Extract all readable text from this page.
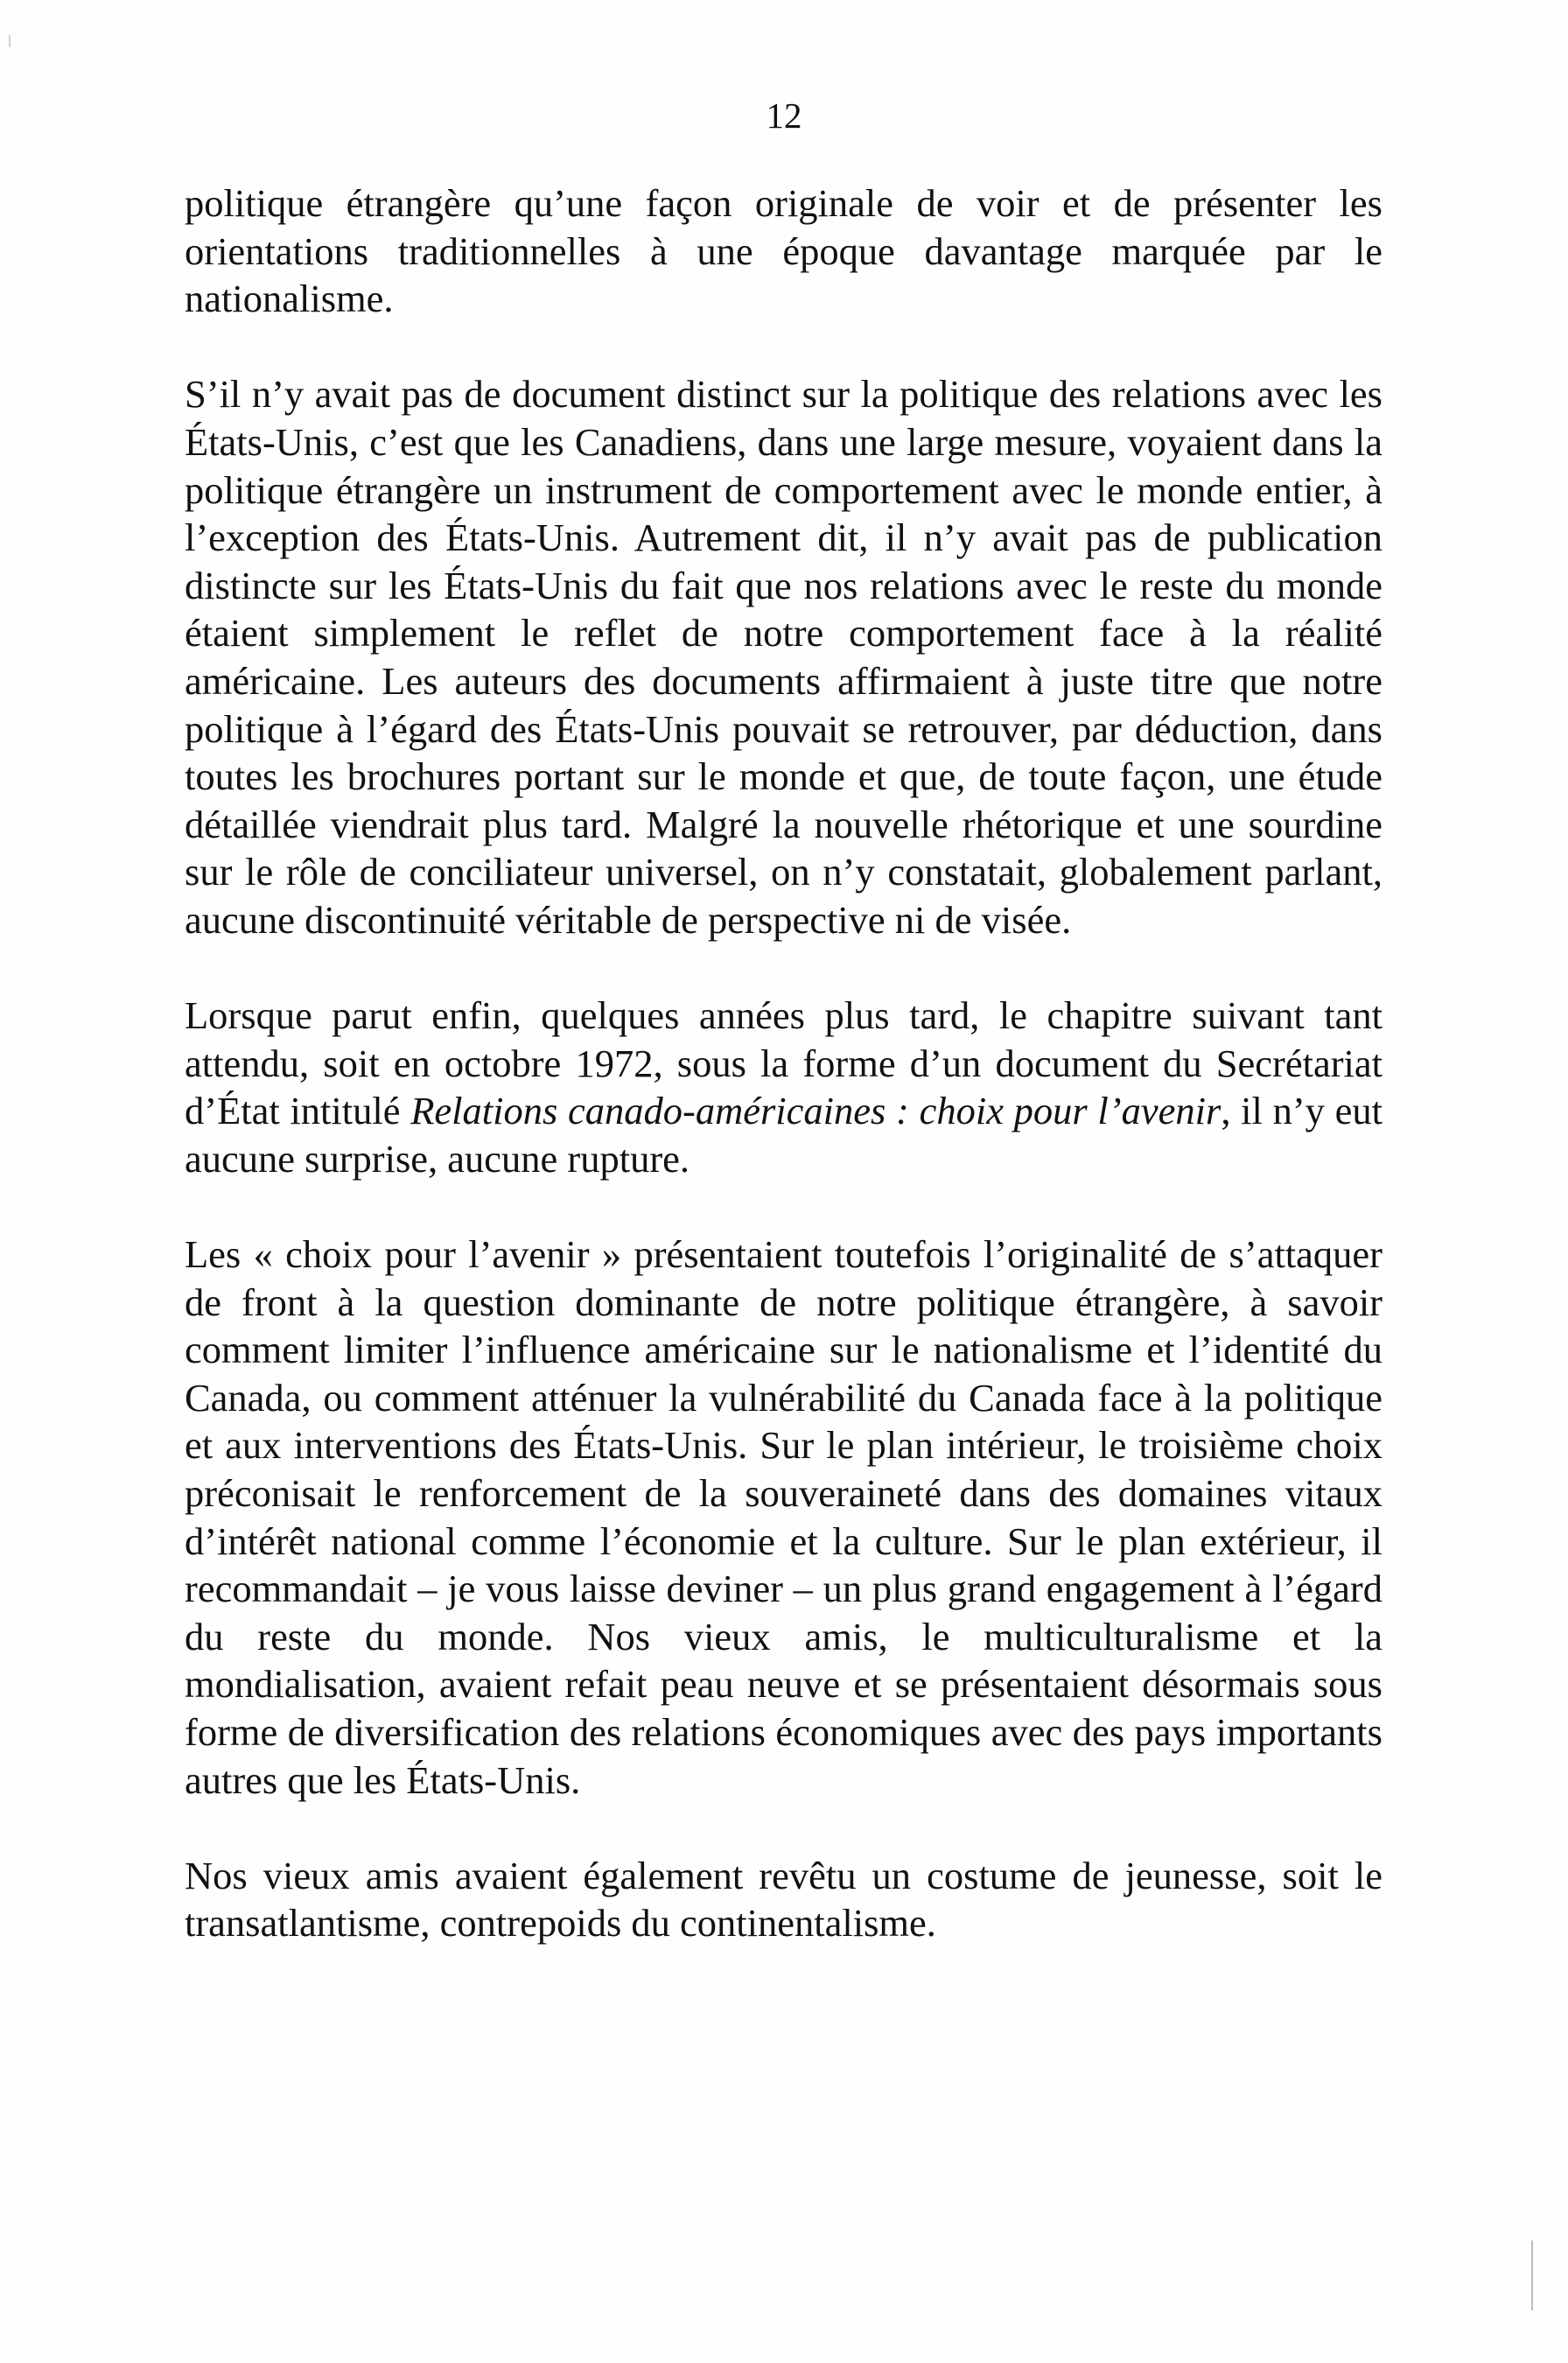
12

politique étrangère qu’une façon originale de voir et de présenter les orientations traditionnelles à une époque davantage marquée par le nationalisme.

S’il n’y avait pas de document distinct sur la politique des relations avec les États-Unis, c’est que les Canadiens, dans une large mesure, voyaient dans la politique étrangère un instrument de comportement avec le monde entier, à l’exception des États-Unis. Autrement dit, il n’y avait pas de publication distincte sur les États-Unis du fait que nos relations avec le reste du monde étaient simplement le reflet de notre comportement face à la réalité américaine. Les auteurs des documents affirmaient à juste titre que notre politique à l’égard des États-Unis pouvait se retrouver, par déduction, dans toutes les brochures portant sur le monde et que, de toute façon, une étude détaillée viendrait plus tard. Malgré la nouvelle rhétorique et une sourdine sur le rôle de conciliateur universel, on n’y constatait, globalement parlant, aucune discontinuité véritable de perspective ni de visée.

Lorsque parut enfin, quelques années plus tard, le chapitre suivant tant attendu, soit en octobre 1972, sous la forme d’un document du Secrétariat d’État intitulé Relations canado-américaines : choix pour l’avenir, il n’y eut aucune surprise, aucune rupture.

Les « choix pour l’avenir » présentaient toutefois l’originalité de s’attaquer de front à la question dominante de notre politique étrangère, à savoir comment limiter l’influence américaine sur le nationalisme et l’identité du Canada, ou comment atténuer la vulnérabilité du Canada face à la politique et aux interventions des États-Unis. Sur le plan intérieur, le troisième choix préconisait le renforcement de la souveraineté dans des domaines vitaux d’intérêt national comme l’économie et la culture. Sur le plan extérieur, il recommandait – je vous laisse deviner – un plus grand engagement à l’égard du reste du monde. Nos vieux amis, le multiculturalisme et la mondialisation, avaient refait peau neuve et se présentaient désormais sous forme de diversification des relations économiques avec des pays importants autres que les États-Unis.

Nos vieux amis avaient également revêtu un costume de jeunesse, soit le transatlantisme, contrepoids du continentalisme.
